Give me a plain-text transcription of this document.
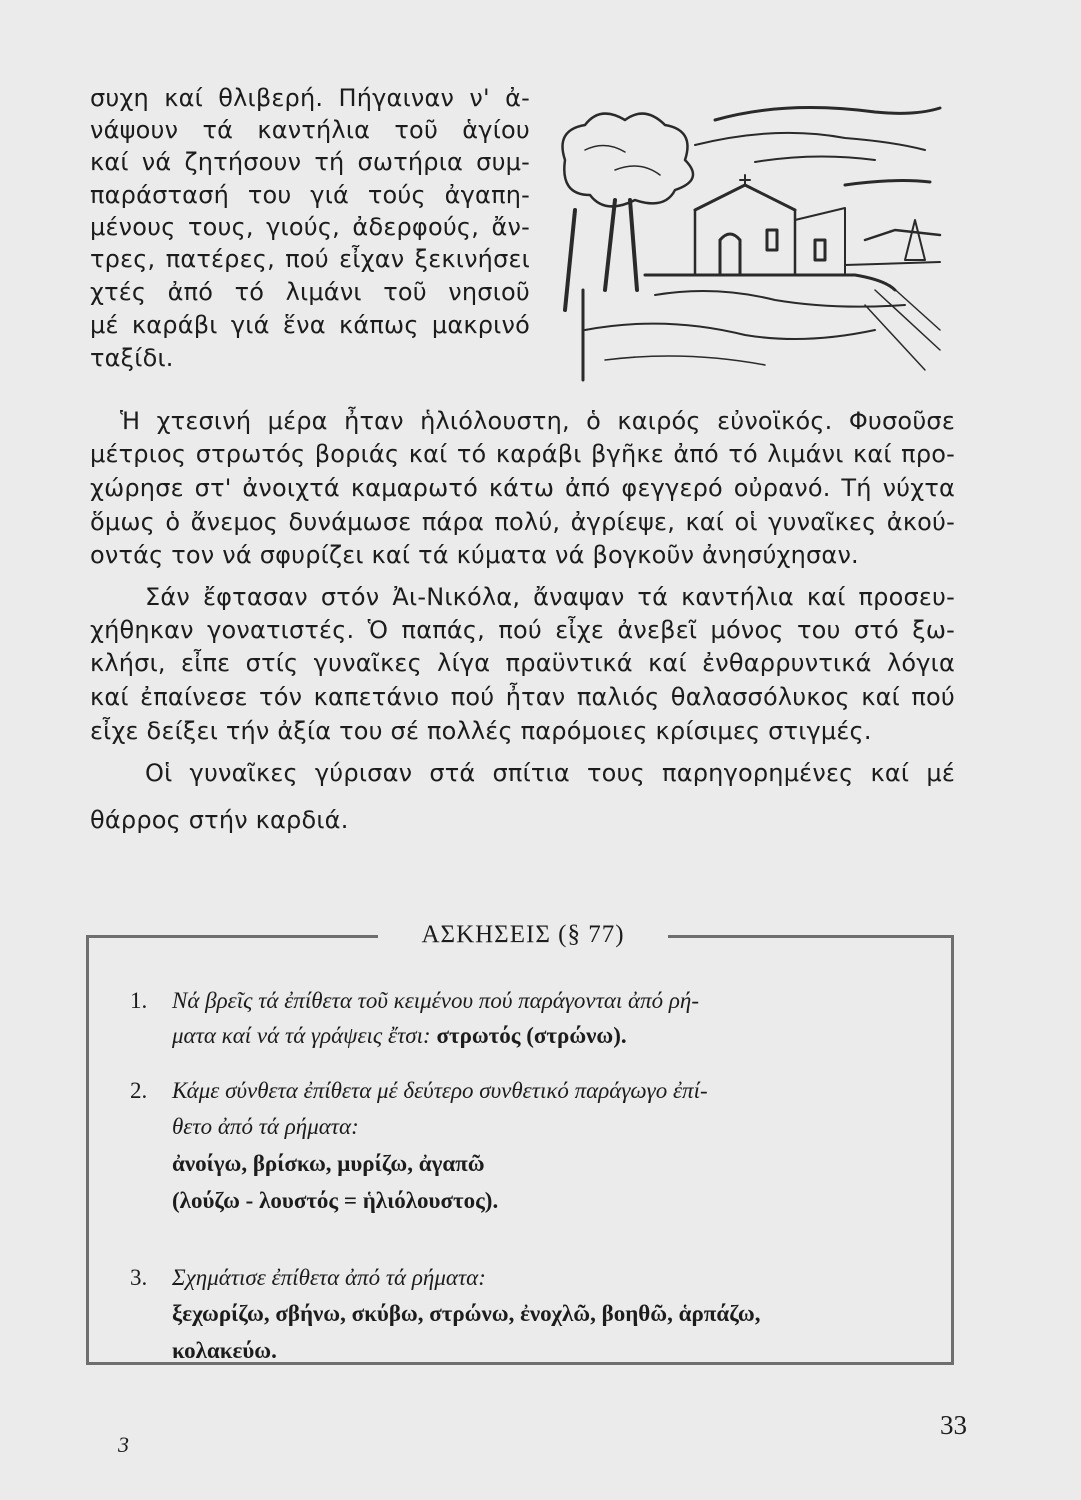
συχη καί θλιβερή. Πήγαιναν ν' ἀ-
νάψουν τά καντήλια τοῦ ἁγίου
καί νά ζητήσουν τή σωτήρια συμ-
παράστασή του γιά τούς ἀγαπη-
μένους τους, γιούς, ἀδερφούς, ἄν-
τρες, πατέρες, πού εἶχαν ξεκινήσει
χτές ἀπό τό λιμάνι τοῦ νησιοῦ
μέ καράβι γιά ἕνα κάπως μακρινό
ταξίδι.
Ἡ χτεσινή μέρα ἦταν ἡλιόλουστη, ὁ καιρός εὐνοϊκός. Φυσοῦσε
μέτριος στρωτός βοριάς καί τό καράβι βγῆκε ἀπό τό λιμάνι καί προ-
χώρησε στ' ἀνοιχτά καμαρωτό κάτω ἀπό φεγγερό οὐρανό. Τή νύχτα
ὅμως ὁ ἄνεμος δυνάμωσε πάρα πολύ, ἀγρίεψε, καί οἱ γυναῖκες ἀκού-
οντάς τον νά σφυρίζει καί τά κύματα νά βογκοῦν ἀνησύχησαν.
Σάν ἔφτασαν στόν Ἀι-Νικόλα, ἄναψαν τά καντήλια καί προσευ-
χήθηκαν γονατιστές. Ὁ παπάς, πού εἶχε ἀνεβεῖ μόνος του στό ξω-
κλήσι, εἶπε στίς γυναῖκες λίγα πραϋντικά καί ἐνθαρρυντικά λόγια
καί ἐπαίνεσε τόν καπετάνιο πού ἦταν παλιός θαλασσόλυκος καί πού
εἶχε δείξει τήν ἀξία του σέ πολλές παρόμοιες κρίσιμες στιγμές.
Οἱ γυναῖκες γύρισαν στά σπίτια τους παρηγορημένες καί μέ
θάρρος στήν καρδιά.
ΑΣΚΗΣΕΙΣ (§ 77)
1. Νά βρεῖς τά ἐπίθετα τοῦ κειμένου πού παράγονται ἀπό ρή-
ματα καί νά τά γράψεις ἔτσι: στρωτός (στρώνω).
2. Κάμε σύνθετα ἐπίθετα μέ δεύτερο συνθετικό παράγωγο ἐπί-
θετο ἀπό τά ρήματα:
ἀνοίγω, βρίσκω, μυρίζω, ἀγαπῶ
(λούζω - λουστός = ἡλιόλουστος).
3. Σχημάτισε ἐπίθετα ἀπό τά ρήματα:
ξεχωρίζω, σβήνω, σκύβω, στρώνω, ἐνοχλῶ, βοηθῶ, ἁρπάζω,
κολακεύω.
3
33
